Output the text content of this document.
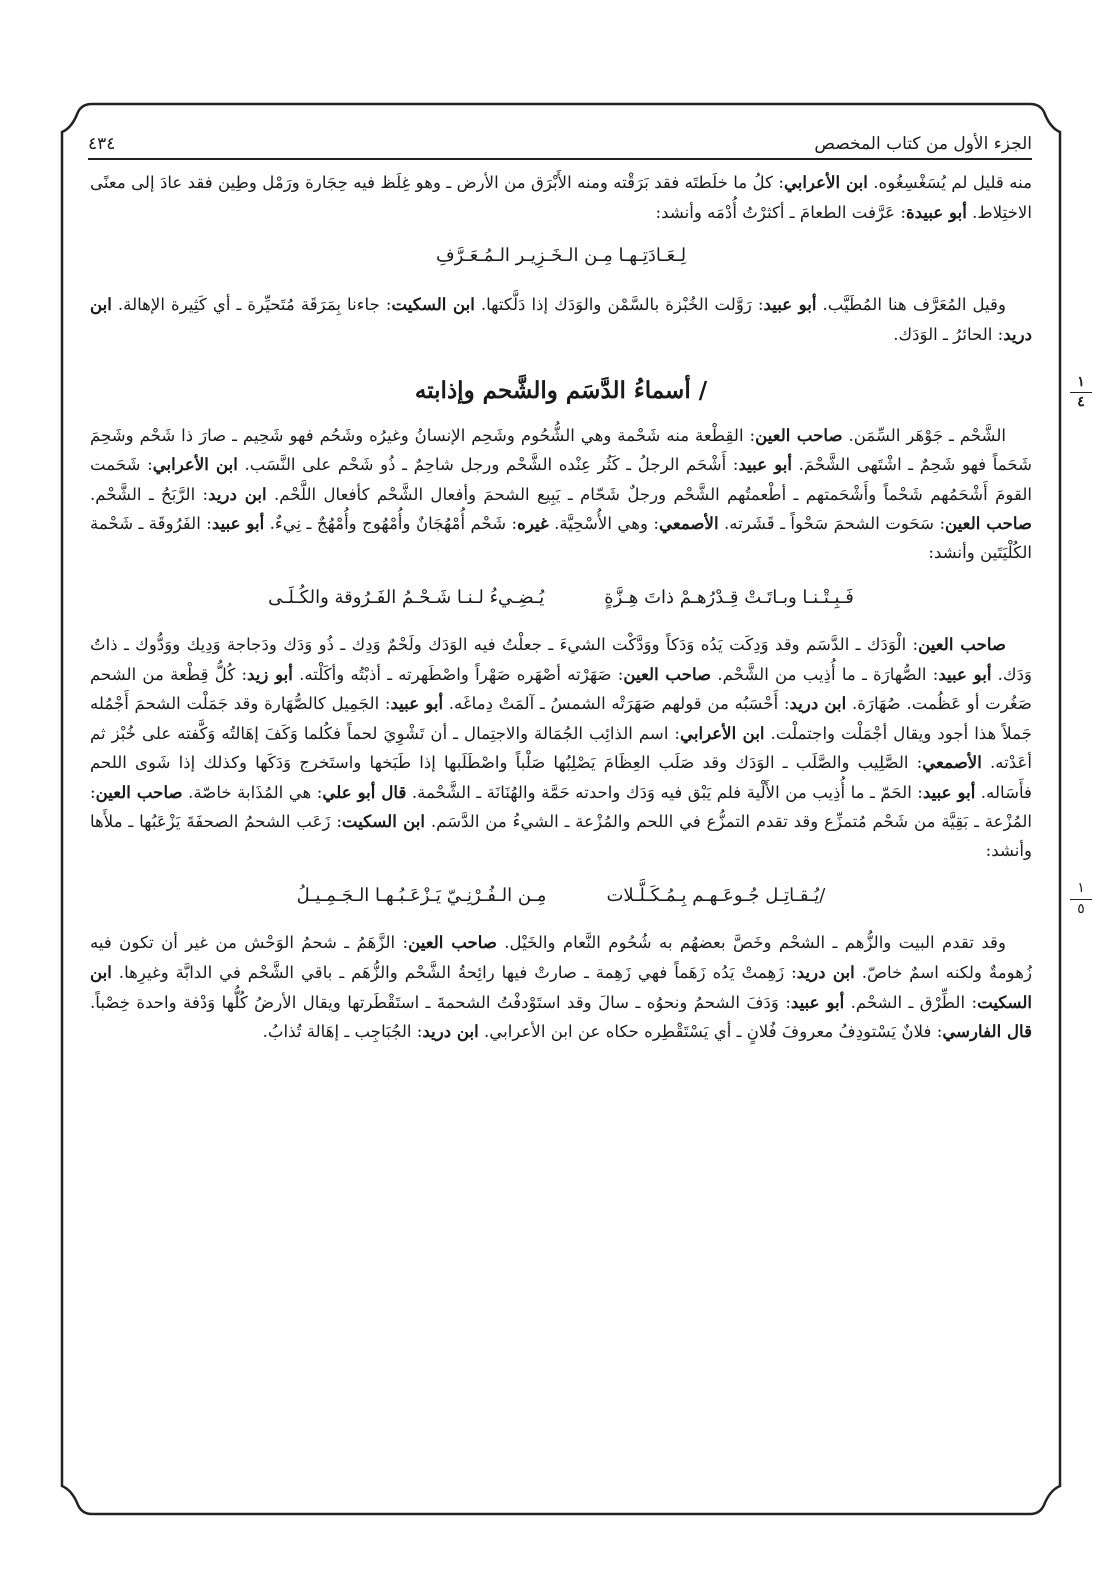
الجزء الأول من كتاب المخصص
٤٣٤

منه قليل لم يُسَغْسِغُوه. ابن الأعرابي: كلُ ما خلَطتَه فقد بَرَقْته ومنه الأَبْرَق من الأرض ـ وهو غِلَظ فيه حِجَارة ورَمْل وطِين فقد عادَ إلى معنًى الاختِلاط. أبو عبيدة: عَرَّفت الطعامَ ـ أكثرْتُ أُدْمَه وأنشد:

لِـعَـادَتِـهـا مِـن الـخَـزِيـر الـمُـعَـرَّفِ

وقيل المُعَرَّف هنا المُطَيَّب. أبو عبيد: رَوَّلت الخُبْزة بالسَّمْن والوَدَك إذا دَلَّكتها. ابن السكيت: جاءنا بِمَرَقَة مُتَحيِّرة ـ أي كَثِيرة الإهالة. ابن دريد: الحائرُ ـ الوَدَك.

/ أسماءُ الدَّسَم والشَّحم وإذابته	١
٤

الشَّحْم ـ جَوْهَر السِّمَن. صاحب العين: القِطْعة منه شَحْمة وهي الشُّحُوم وشَحِم الإنسانُ وغيرُه وشَحُم فهو شَحِيم ـ صارَ ذا شَحْم وشَحِمَ شَحَماً فهو شَحِمٌ ـ اشْتَهى الشَّحْمَ. أبو عبيد: أَشْحَم الرجلُ ـ كَثُر عِنْده الشَّحْم ورجل شاحِمٌ ـ ذُو شَحْم على النَّسَب. ابن الأعرابي: شَحَمت القومَ أَشْحَمُهم شَحْماً وأَشْحَمتهم ـ أطْعمتُهم الشَّحْم ورجلٌ شَحّام ـ يَبِيع الشحمَ وأفعال الشَّحْم كأفعال اللَّحْم. ابن دريد: الرَّبَحُ ـ الشَّحْم. صاحب العين: سَحَوت الشحمَ سَحْواً ـ قَشَرته. الأصمعي: وهي الأُسْحِيَّة. غيره: شَحْم أُمْهُجَانٌ وأُمْهُوج وأُمْهُجٌ ـ نِيءٌ. أبو عبيد: الفَرُوقَة ـ شَحْمة الكُلْيَتَين وأنشد:

فَـبِـتْـنـا وبـاتَـتْ قِـدْرُهـمْ ذاتَ هِـزَّةٍ
يُـضِـيءُ لـنـا شَـحْـمُ الفَـرُوقة والكُـلَـى

صاحب العين: الْوَدَك ـ الدَّسَم وقد وَدِكَت يَدُه وَدَكاً ووَدَّكْت الشيءَ ـ جعلْتُ فيه الوَدَك ولَحْمٌ وَدِك ـ ذُو وَدَك ودَجاجة وَدِيك ووَدُّوك ـ ذاتُ وَدَك. أبو عبيد: الصُّهارَة ـ ما أُذِيب من الشَّحْم. صاحب العين: صَهَرْته أصْهَره صَهْراً واصْطَهرته ـ أذبْتُه وأكَلْته. أبو زيد: كُلُّ قِطْعة من الشحم صَغُرت أو عَظُمت. صُهَارَة. ابن دريد: أَحْسَبُه من قولهم صَهَرَتْه الشمسُ ـ آلمَتْ دِماغَه. أبو عبيد: الجَمِيل كالصُّهَارة وقد جَمَلْت الشحمَ أَجْمُله جَملاً هذا أجود ويقال أجْمَلْت واجتملْت. ابن الأعرابي: اسم الذائِب الجُمَالة والاجتِمال ـ أن تَشْوِيَ لحماً فكُلما وَكَفَ إهَالتُه وَكَّفته على خُبْز ثم أعَدْته. الأصمعي: الصَّلِيب والصَّلَب ـ الوَدَك وقد صَلَب العِظَامَ يَصْلِبُها صَلْباً واصْطَلَبها إذا طَبَخها واستَخرج وَدَكَها وكذلك إذا شَوى اللحم فأَسَاله. أبو عبيد: الحَمّ ـ ما أُذِيب من الأَلْية فلم يَبْق فيه وَدَك واحدته حَمَّة والهُنَانَة ـ الشَّحْمة. قال أبو علي: هي المُذَابة خاصّة. صاحب العين: المُزْعة ـ بَقِيَّة من شَحْم مُتمزِّع وقد تقدم التمزُّع في اللحم والمُزْعة ـ الشيءُ من الدَّسَم. ابن السكيت: زَعَب الشحمُ الصحفَةَ يَزْعَبُها ـ ملأَها وأنشد:

/يُـقـاتِـل جُـوعَـهـم بِـمُـكَـلَّـلات
مِـن الـفُـرْنِـيّ يَـزْعَـبُـهـا الـجَـمِـيـلُ	١
٥

وقد تقدم البيت والزُّهم ـ الشحْم وخَصَّ بعضهُم به شُحُوم النَّعام والخَيْل. صاحب العين: الزَّهَمُ ـ شحمُ الوَحْش من غير أن تكون فيه زُهومةٌ ولكنه اسمٌ خاصّ. ابن دريد: زَهِمتْ يَدُه زَهَماً فهي زَهِمة ـ صارتْ فيها رائِحةُ الشَّحْم والزُّهَم ـ باقي الشَّحْم في الدابَّة وغيرِها. ابن السكيت: الطِّرْق ـ الشحْم. أبو عبيد: وَدَفَ الشحمُ ونحوُه ـ سالَ وقد استَوْدفْتُ الشحمةَ ـ استَقْطَرتها ويقال الأرضُ كُلُّها وَدْفة واحدة خِصْباً. قال الفارسي: فلانٌ يَسْتودِفُ معروفَ فُلانٍ ـ أي يَسْتَقْطِره حكاه عن ابن الأعرابي. ابن دريد: الجُبَاجِب ـ إهَالة تُذابُ.
